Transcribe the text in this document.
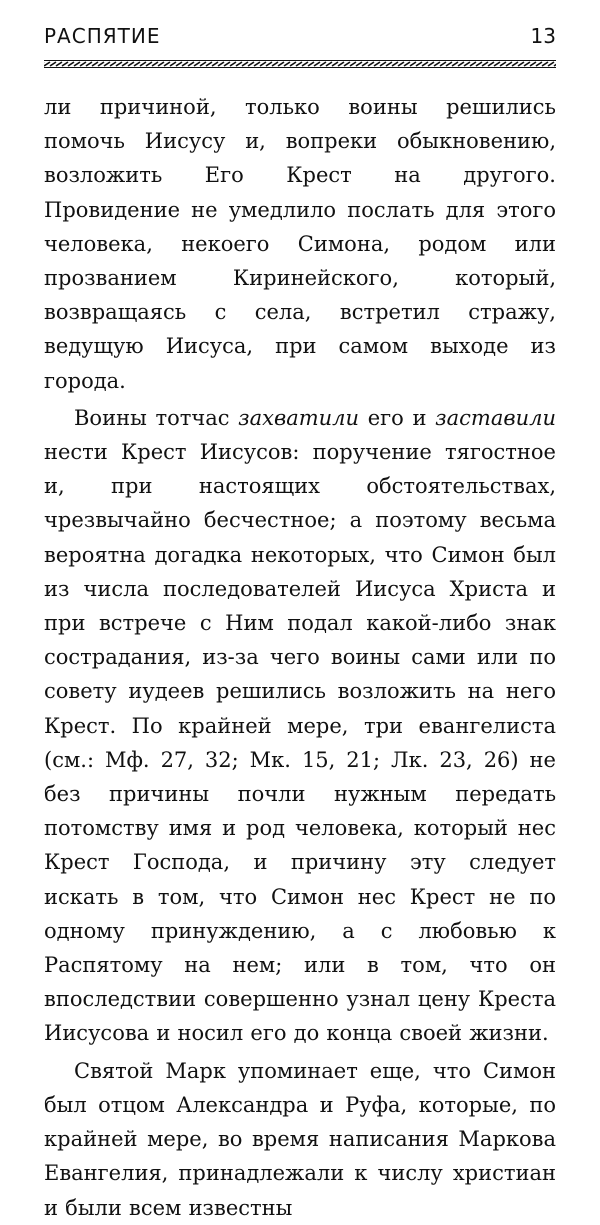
РАСПЯТИЕ	13

ли причиной, только воины решились помочь Иисусу и, вопреки обыкновению, возложить Его Крест на другого. Провидение не умедлило послать для этого человека, некоего Симона, родом или прозванием Киринейского, который, возвращаясь с села, встретил стражу, ведущую Иисуса, при самом выходе из города.

Воины тотчас захватили его и заставили нести Крест Иисусов: поручение тягостное и, при настоящих обстоятельствах, чрезвычайно бесчестное; а поэтому весьма вероятна догадка некоторых, что Симон был из числа последователей Иисуса Христа и при встрече с Ним подал какой-либо знак сострадания, из-за чего воины сами или по совету иудеев решились возложить на него Крест. По крайней мере, три евангелиста (см.: Мф. 27, 32; Мк. 15, 21; Лк. 23, 26) не без причины почли нужным передать потомству имя и род человека, который нес Крест Господа, и причину эту следует искать в том, что Симон нес Крест не по одному принуждению, а с любовью к Распятому на нем; или в том, что он впоследствии совершенно узнал цену Креста Иисусова и носил его до конца своей жизни.

Святой Марк упоминает еще, что Симон был отцом Александра и Руфа, которые, по крайней мере, во время написания Маркова Евангелия, принадлежали к числу христиан и были всем известны
